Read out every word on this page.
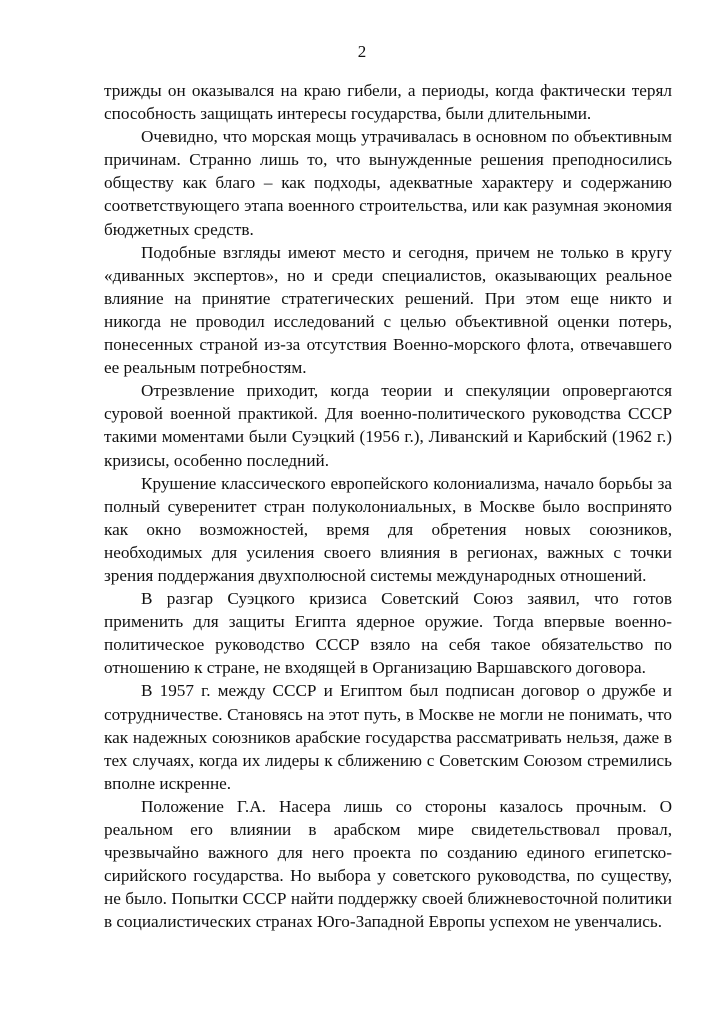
2

трижды он оказывался на краю гибели, а периоды, когда фактически терял способность защищать интересы государства, были длительными.

Очевидно, что морская мощь утрачивалась в основном по объективным причинам. Странно лишь то, что вынужденные решения преподносились обществу как благо – как подходы, адекватные характеру и содержанию соответствующего этапа военного строительства, или как разумная экономия бюджетных средств.

Подобные взгляды имеют место и сегодня, причем не только в кругу «диванных экспертов», но и среди специалистов, оказывающих реальное влияние на принятие стратегических решений. При этом еще никто и никогда не проводил исследований с целью объективной оценки потерь, понесенных страной из-за отсутствия Военно-морского флота, отвечавшего ее реальным потребностям.

Отрезвление приходит, когда теории и спекуляции опровергаются суровой военной практикой. Для военно-политического руководства СССР такими моментами были Суэцкий (1956 г.), Ливанский и Карибский (1962 г.) кризисы, особенно последний.

Крушение классического европейского колониализма, начало борьбы за полный суверенитет стран полуколониальных, в Москве было воспринято как окно возможностей, время для обретения новых союзников, необходимых для усиления своего влияния в регионах, важных с точки зрения поддержания двухполюсной системы международных отношений.

В разгар Суэцкого кризиса Советский Союз заявил, что готов применить для защиты Египта ядерное оружие. Тогда впервые военно-политическое руководство СССР взяло на себя такое обязательство по отношению к стране, не входящей в Организацию Варшавского договора.

В 1957 г. между СССР и Египтом был подписан договор о дружбе и сотрудничестве. Становясь на этот путь, в Москве не могли не понимать, что как надежных союзников арабские государства рассматривать нельзя, даже в тех случаях, когда их лидеры к сближению с Советским Союзом стремились вполне искренне.

Положение Г.А. Насера лишь со стороны казалось прочным. О реальном его влиянии в арабском мире свидетельствовал провал, чрезвычайно важного для него проекта по созданию единого египетско-сирийского государства. Но выбора у советского руководства, по существу, не было. Попытки СССР найти поддержку своей ближневосточной политики в социалистических странах Юго-Западной Европы успехом не увенчались.
